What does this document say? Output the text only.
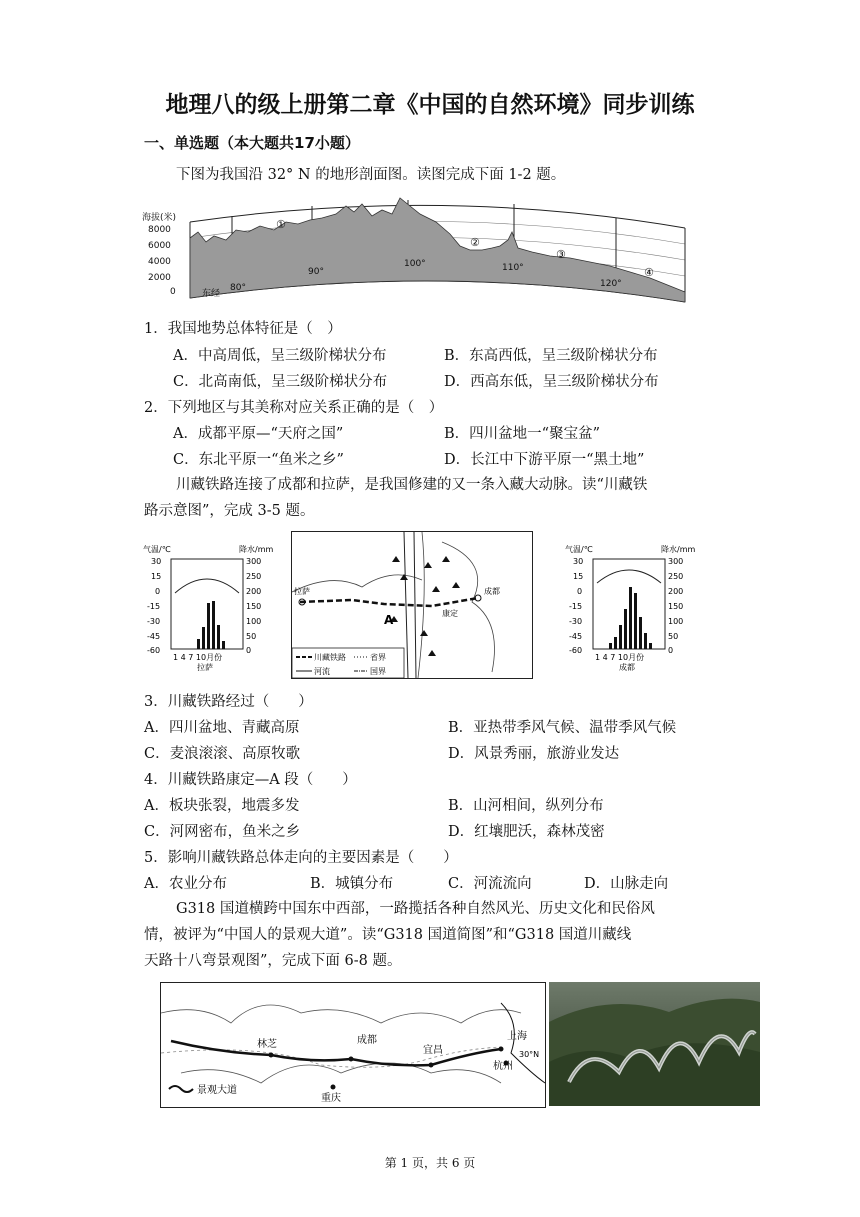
地理八的级上册第二章《中国的自然环境》同步训练
一、单选题（本大题共17小题）
下图为我国沿 32° N 的地形剖面图。读图完成下面 1-2 题。
海拔(米)
8000
6000
4000
2000
0
①
②
③
④
东经
80°
90°
100°	110°
120°
1．我国地势总体特征是（　）
A．中高周低，呈三级阶梯状分布	B．东高西低，呈三级阶梯状分布
C．北高南低，呈三级阶梯状分布	D．西高东低，呈三级阶梯状分布
2．下列地区与其美称对应关系正确的是（　）
A．成都平原—“天府之国”	B．四川盆地一“聚宝盆”
C．东北平原一“鱼米之乡”	D．长江中下游平原一“黑土地”
川藏铁路连接了成都和拉萨，是我国修建的又一条入藏大动脉。读“川藏铁
路示意图”，完成 3-5 题。
气温/℃	降水/mm
30
15
0
-15
-30
-45
-60
300
250
200
150
100
50
0
1 4 7 10月份
拉萨
拉萨	成都
康定
A
川藏铁路	省界
河流	国界
气温/℃	降水/mm
30
15
0
-15
-30
-45
-60
300
250
200
150
100
50
0
1 4 7 10月份
成都
3．川藏铁路经过（　　）
A．四川盆地、青藏高原	B．亚热带季风气候、温带季风气候
C．麦浪滚滚、高原牧歌	D．风景秀丽，旅游业发达
4．川藏铁路康定—A 段（　　）
A．板块张裂，地震多发	B．山河相间，纵列分布
C．河网密布，鱼米之乡	D．红壤肥沃，森林茂密
5．影响川藏铁路总体走向的主要因素是（　　）
A．农业分布	B．城镇分布	C．河流流向	D．山脉走向
G318 国道横跨中国东中西部，一路揽括各种自然风光、历史文化和民俗风
情，被评为“中国人的景观大道”。读“G318 国道简图”和“G318 国道川藏线
天路十八弯景观图”，完成下面 6-8 题。
林芝	成都
宜昌
上海
杭州
重庆
30°N
景观大道
第 1 页，共 6 页
